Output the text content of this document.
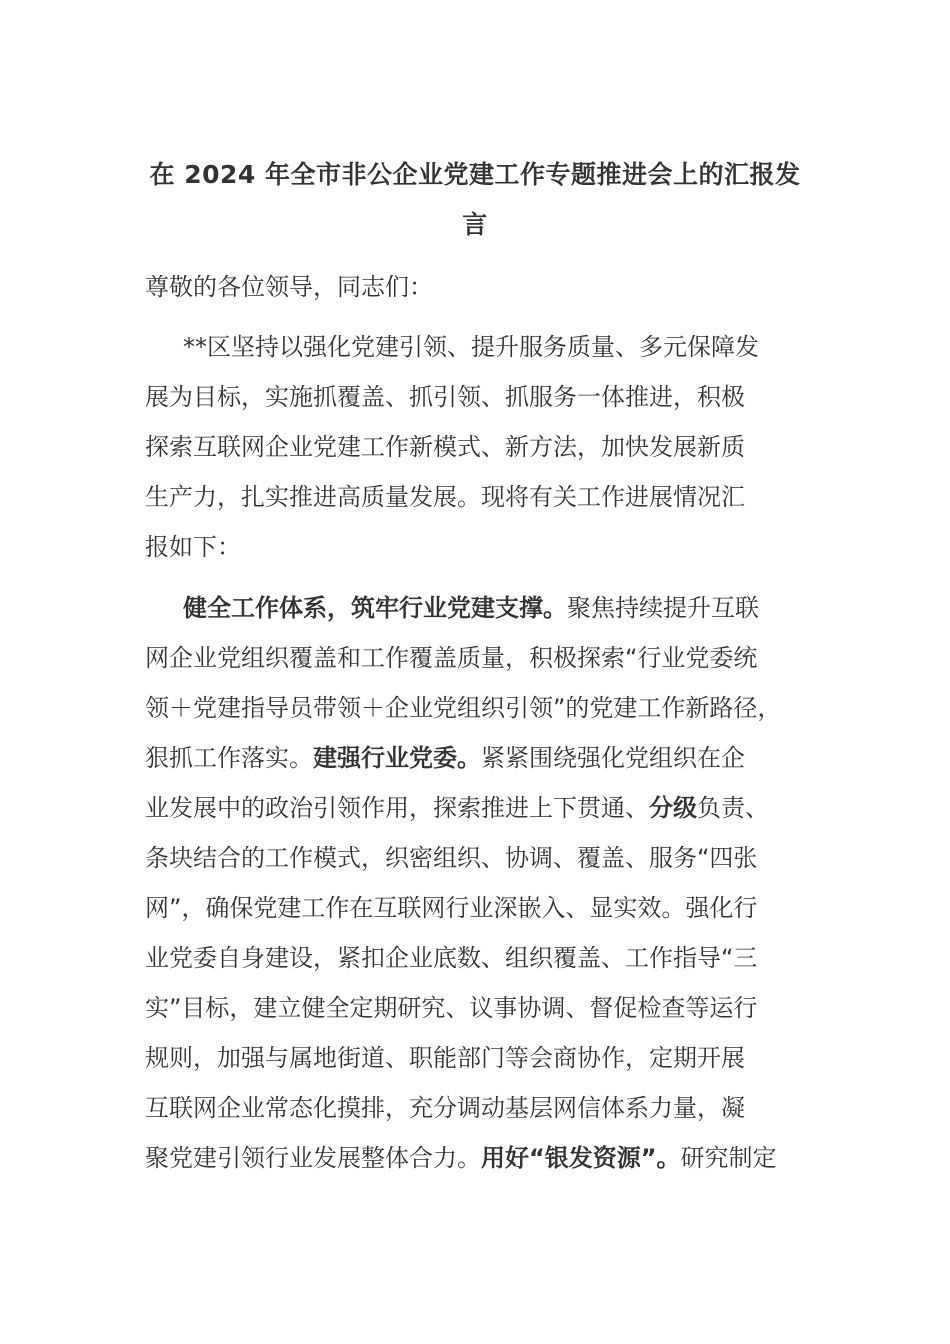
在 2024 年全市非公企业党建工作专题推进会上的汇报发
言
尊敬的各位领导，同志们：
**区坚持以强化党建引领、提升服务质量、多元保障发
展为目标，实施抓覆盖、抓引领、抓服务一体推进，积极
探索互联网企业党建工作新模式、新方法，加快发展新质
生产力，扎实推进高质量发展。现将有关工作进展情况汇
报如下：
健全工作体系，筑牢行业党建支撑。聚焦持续提升互联
网企业党组织覆盖和工作覆盖质量，积极探索“行业党委统
领＋党建指导员带领＋企业党组织引领”的党建工作新路径，
狠抓工作落实。建强行业党委。紧紧围绕强化党组织在企
业发展中的政治引领作用，探索推进上下贯通、分级负责、
条块结合的工作模式，织密组织、协调、覆盖、服务“四张
网”，确保党建工作在互联网行业深嵌入、显实效。强化行
业党委自身建设，紧扣企业底数、组织覆盖、工作指导“三
实”目标，建立健全定期研究、议事协调、督促检查等运行
规则，加强与属地街道、职能部门等会商协作，定期开展
互联网企业常态化摸排，充分调动基层网信体系力量，凝
聚党建引领行业发展整体合力。用好“银发资源”。研究制定
